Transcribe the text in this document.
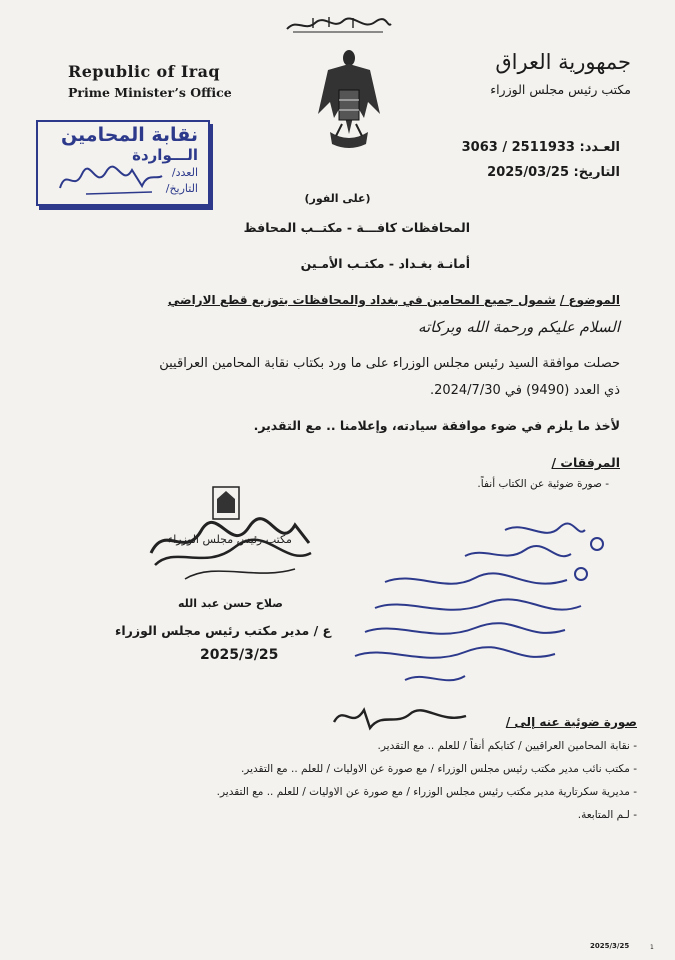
Republic of Iraq
Prime Minister’s Office
جمهورية العراق
مكتب رئيس مجلس الوزراء
نقابة المحامين
الـــواردة
العدد/
التاريخ/
العـدد: 2511933 / 3063
التاريخ: 2025/03/25
(على الفور)
المحافظات كافـــة - مكتــب المحافظ
أمانـة بغـداد - مكتـب الأمـين
الموضوع / شمول جميع المحامين في بغداد والمحافظات بتوزيع قطع الاراضي
السلام عليكم ورحمة الله وبركاته
حصلت موافقة السيد رئيس مجلس الوزراء على ما ورد بكتاب نقابة المحامين العراقيين
ذي العدد (9490) في 2024/7/30.
لأخذ ما يلزم في ضوء موافقة سيادته، وإعلامنا .. مع التقدير.
المرفقات /
- صورة ضوئية عن الكتاب أنفاً.
مكتب رئيس مجلس الوزراء
صلاح حسن عبد الله
ع / مدير مكتب رئيس مجلس الوزراء
2025/3/25
صورة ضوئية عنه إلى /
- نقابة المحامين العراقيين / كتابكم أنفاً / للعلم .. مع التقدير.
- مكتب نائب مدير مكتب رئيس مجلس الوزراء / مع صورة عن الاوليات / للعلم .. مع التقدير.
- مديرية سكرتارية مدير مكتب رئيس مجلس الوزراء / مع صورة عن الاوليات / للعلم .. مع التقدير.
- لـم المتابعة.
2025/3/25	1
